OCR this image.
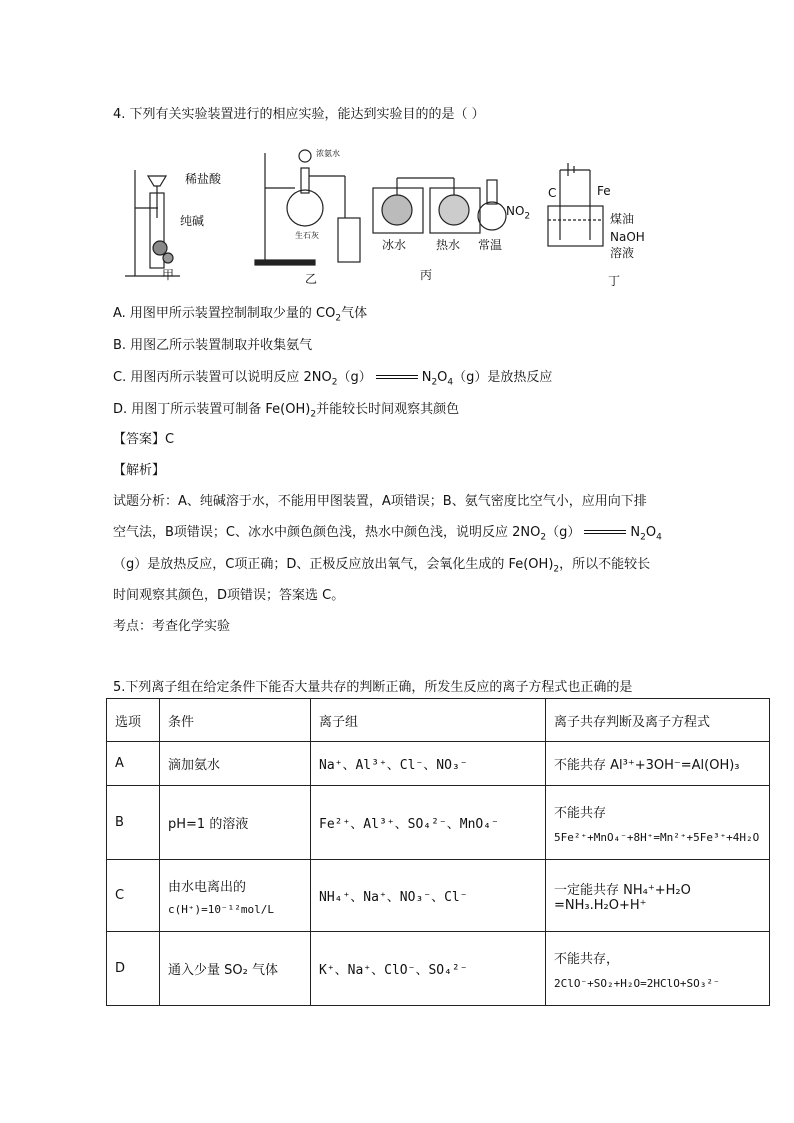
4. 下列有关实验装置进行的相应实验，能达到实验目的的是（ ）
甲
稀盐酸
纯碱
乙
浓氨水
生石灰
丙
冰水 热水 常温
$NO_2$
丁
C	Fe
煤油
NaOH
溶液
A. 用图甲所示装置控制制取少量的 $CO_2$气体
B. 用图乙所示装置制取并收集氨气
C. 用图丙所示装置可以说明反应 $2NO_2(g)$	$N_2O_4(g)$是放热反应
D. 用图丁所示装置可制备 $Fe(OH)_2$并能较长时间观察其颜色
【答案】C
【解析】
试题分析：A、纯碱溶于水，不能用甲图装置，A项错误；B、氨气密度比空气小，应用向下排
空气法，B项错误；C、冰水中颜色颜色浅，热水中颜色浅，说明反应 $2NO_2(g)$	$N_2O_4$
（g）是放热反应，C项正确；D、正极反应放出氧气，会氧化生成的 $Fe(OH)_2$，所以不能较长
时间观察其颜色，D项错误；答案选 C。
考点：考查化学实验
5.下列离子组在给定条件下能否大量共存的判断正确，所发生反应的离子方程式也正确的是
选项	条件	离子组	离子共存判断及离子方程式
A	滴加氨水	Na⁺、Al³⁺、Cl⁻、NO₃⁻	不能共存 Al³⁺+3OH⁻=Al(OH)₃
B	pH=1 的溶液	Fe²⁺、Al³⁺、SO₄²⁻、MnO₄⁻	不能共存
5Fe²⁺+MnO₄⁻+8H⁺=Mn²⁺+5Fe³⁺+4H₂O

C	由水电离出的
c(H⁺)=10⁻¹²mol/L	NH₄⁺、Na⁺、NO₃⁻、Cl⁻	一定能共存 NH₄⁺+H₂O =NH₃.H₂O+H⁺
D	通入少量 SO₂ 气体	K⁺、Na⁺、ClO⁻、SO₄²⁻	不能共存，
2ClO⁻+SO₂+H₂O=2HClO+SO₃²⁻
